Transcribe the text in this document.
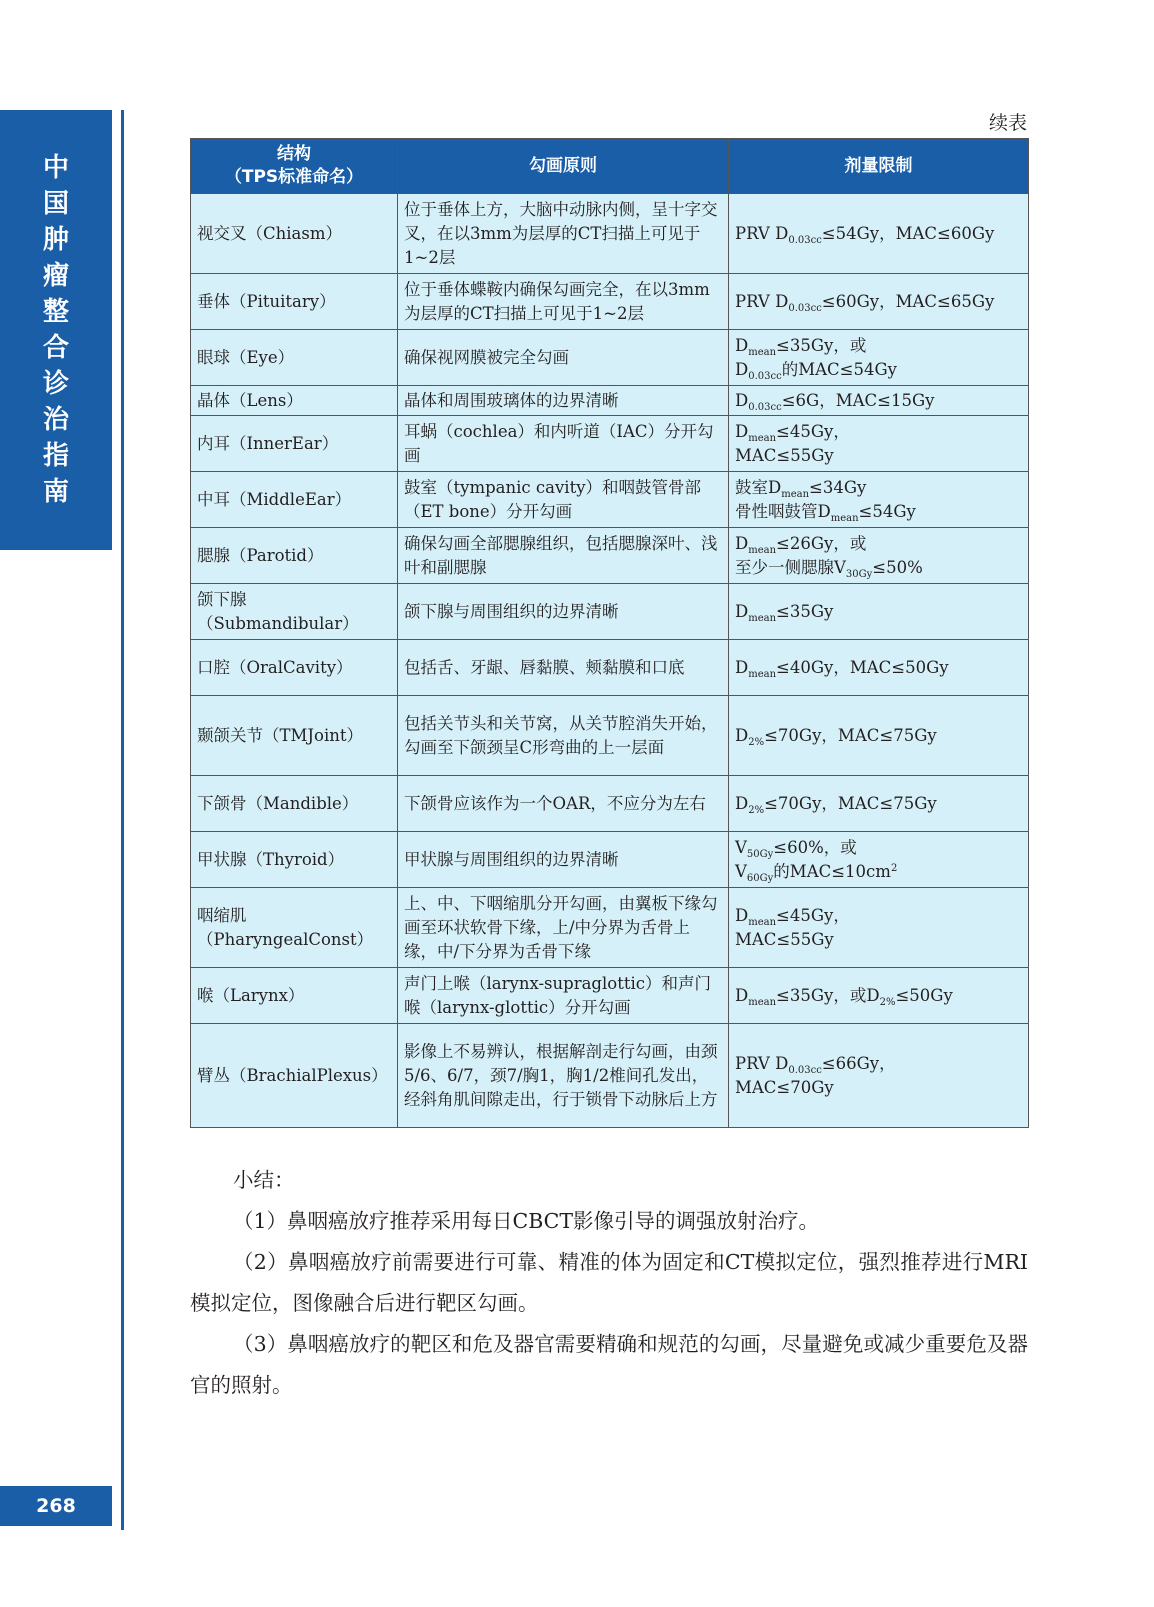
中
国
肿
瘤
整
合
诊
治
指
南
268
续表
结构
（TPS标准命名）	勾画原则	剂量限制
视交叉（Chiasm）	位于垂体上方，大脑中动脉内侧，呈十字交叉，在以3mm为层厚的CT扫描上可见于1~2层	PRV $D_{0.03cc}\le 54Gy$，MAC≤60Gy
垂体（Pituitary）	位于垂体蝶鞍内确保勾画完全，在以3mm为层厚的CT扫描上可见于1~2层	PRV $D_{0.03cc}\le 60Gy$，MAC≤65Gy
眼球（Eye）	确保视网膜被完全勾画	$D_{mean}\le 35Gy$，或
$D_{0.03cc}$的MAC≤54Gy
晶体（Lens）	晶体和周围玻璃体的边界清晰	$D_{0.03cc}\le 6G$，MAC≤15Gy
内耳（InnerEar）	耳蜗（cochlea）和内听道（IAC）分开勾画	$D_{mean}\le 45Gy$，
MAC≤55Gy
中耳（MiddleEar）	鼓室（tympanic cavity）和咽鼓管骨部（ET bone）分开勾画	鼓室$D_{mean}\le 34Gy$
骨性咽鼓管$D_{mean}\le 54Gy$
腮腺（Parotid）	确保勾画全部腮腺组织，包括腮腺深叶、浅叶和副腮腺	$D_{mean}\le 26Gy$，或
至少一侧腮腺$V_{30Gy}\le 50\%$
颌下腺（Submandibular）	颌下腺与周围组织的边界清晰	$D_{mean}\le 35Gy$
口腔（OralCavity）	包括舌、牙龈、唇黏膜、颊黏膜和口底	$D_{mean}\le 40Gy$，MAC≤50Gy
颞颌关节（TMJoint）	包括关节头和关节窝，从关节腔消失开始，勾画至下颌颈呈C形弯曲的上一层面	$D_{2\%}\le 70Gy$，MAC≤75Gy
下颌骨（Mandible）	下颌骨应该作为一个OAR，不应分为左右	$D_{2\%}\le 70Gy$，MAC≤75Gy
甲状腺（Thyroid）	甲状腺与周围组织的边界清晰	$V_{50Gy}\le 60\%$，或
$V_{60Gy}$的$MAC\le 10cm^2$
咽缩肌（PharyngealConst）	上、中、下咽缩肌分开勾画，由翼板下缘勾画至环状软骨下缘，上/中分界为舌骨上缘，中/下分界为舌骨下缘	$D_{mean}\le 45Gy$，
MAC≤55Gy
喉（Larynx）	声门上喉（larynx-supraglottic）和声门喉（larynx-glottic）分开勾画	$D_{mean}\le 35Gy$，或$D_{2\%}\le 50Gy$
臂丛（BrachialPlexus）	影像上不易辨认，根据解剖走行勾画，由颈5/6、6/7，颈7/胸1，胸1/2椎间孔发出，经斜角肌间隙走出，行于锁骨下动脉后上方	PRV $D_{0.03cc}\le 66Gy$，
MAC≤70Gy

小结：

（1）鼻咽癌放疗推荐采用每日CBCT影像引导的调强放射治疗。

（2）鼻咽癌放疗前需要进行可靠、精准的体为固定和CT模拟定位，强烈推荐进行MRI模拟定位，图像融合后进行靶区勾画。

（3）鼻咽癌放疗的靶区和危及器官需要精确和规范的勾画，尽量避免或减少重要危及器官的照射。
